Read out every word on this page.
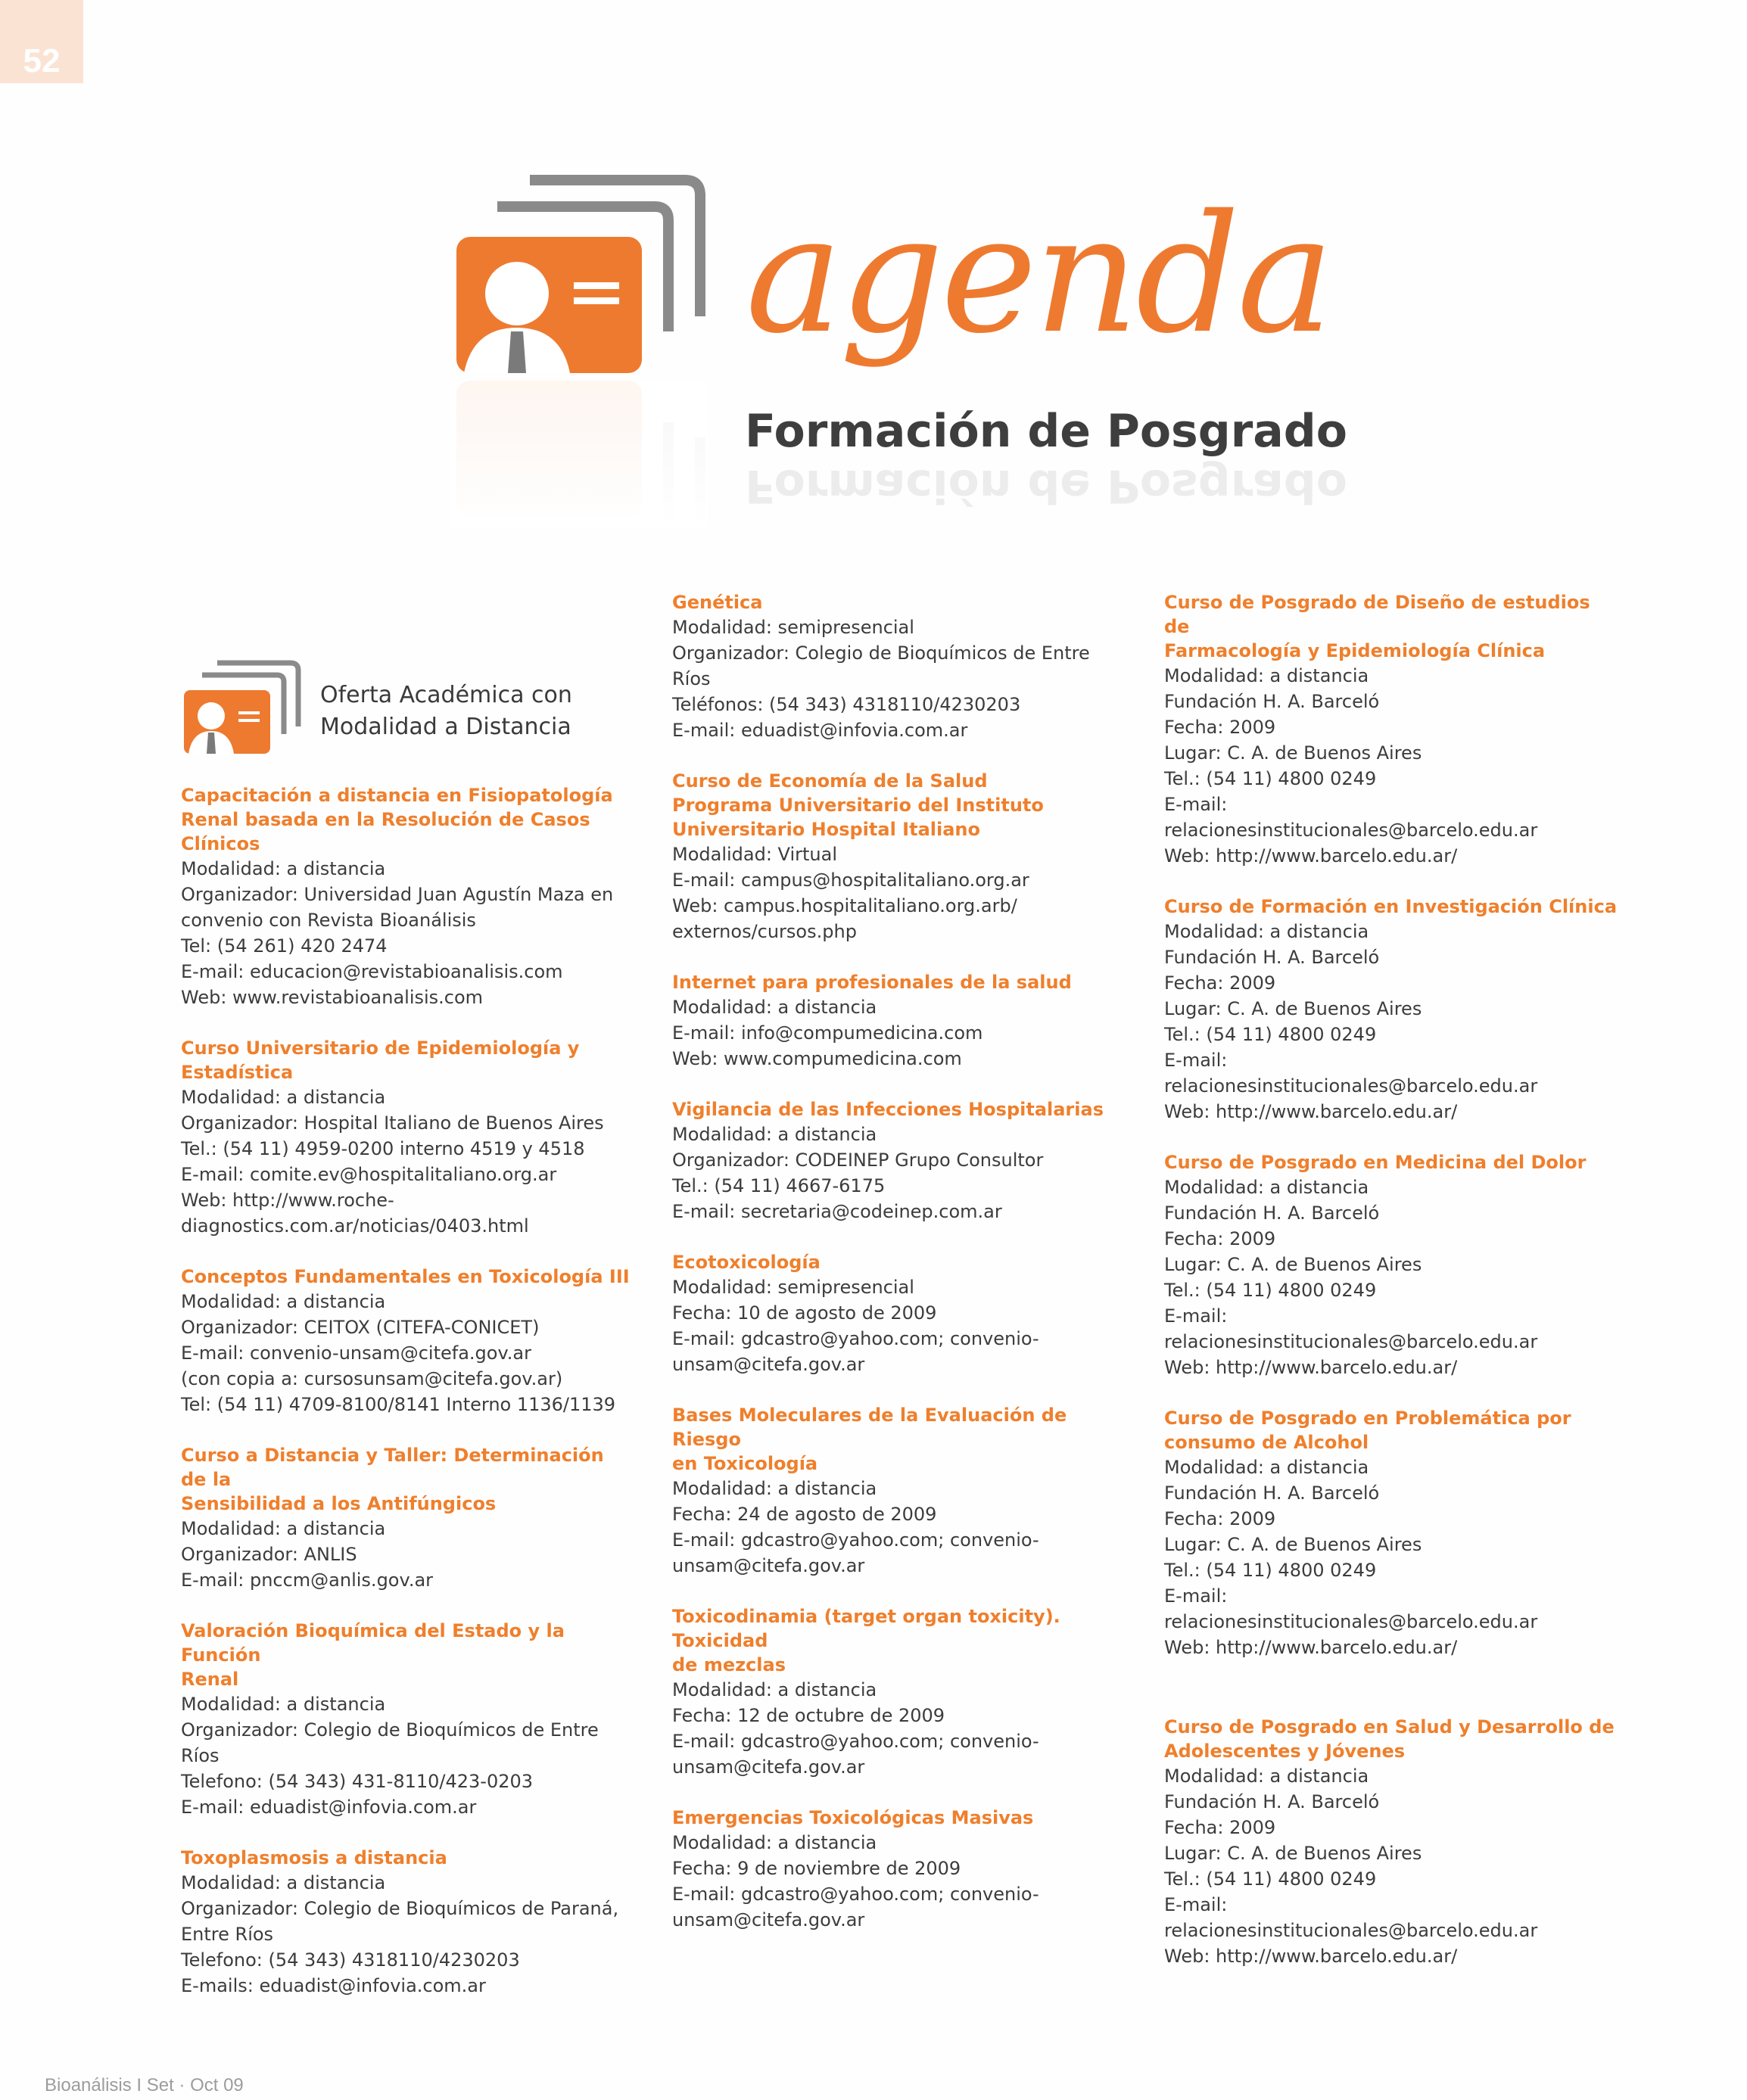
52
agenda
Formación de Posgrado
Formación de Posgrado
Oferta Académica con
Modalidad a Distancia
Capacitación a distancia en Fisiopatología
Renal basada en la Resolución de Casos
Clínicos
Modalidad: a distancia
Organizador: Universidad Juan Agustín Maza en
convenio con Revista Bioanálisis
Tel: (54 261) 420 2474
E-mail: educacion@revistabioanalisis.com
Web: www.revistabioanalisis.com
Curso Universitario de Epidemiología y
Estadística
Modalidad: a distancia
Organizador: Hospital Italiano de Buenos Aires
Tel.: (54 11) 4959-0200 interno 4519 y 4518
E-mail: comite.ev@hospitalitaliano.org.ar
Web: http://www.roche-
diagnostics.com.ar/noticias/0403.html
Conceptos Fundamentales en Toxicología III
Modalidad: a distancia
Organizador: CEITOX (CITEFA-CONICET)
E-mail: convenio-unsam@citefa.gov.ar
(con copia a: cursosunsam@citefa.gov.ar)
Tel: (54 11) 4709-8100/8141 Interno 1136/1139
Curso a Distancia y Taller: Determinación de la
Sensibilidad a los Antifúngicos
Modalidad: a distancia
Organizador: ANLIS
E-mail: pnccm@anlis.gov.ar
Valoración Bioquímica del Estado y la Función
Renal
Modalidad: a distancia
Organizador: Colegio de Bioquímicos de Entre
Ríos
Telefono: (54 343) 431-8110/423-0203
E-mail: eduadist@infovia.com.ar
Toxoplasmosis a distancia
Modalidad: a distancia
Organizador: Colegio de Bioquímicos de Paraná,
Entre Ríos
Telefono: (54 343) 4318110/4230203
E-mails: eduadist@infovia.com.ar
Genética
Modalidad: semipresencial
Organizador: Colegio de Bioquímicos de Entre
Ríos
Teléfonos: (54 343) 4318110/4230203
E-mail: eduadist@infovia.com.ar
Curso de Economía de la Salud
Programa Universitario del Instituto
Universitario Hospital Italiano
Modalidad: Virtual
E-mail: campus@hospitalitaliano.org.ar
Web: campus.hospitalitaliano.org.arb/
externos/cursos.php
Internet para profesionales de la salud
Modalidad: a distancia
E-mail: info@compumedicina.com
Web: www.compumedicina.com
Vigilancia de las Infecciones Hospitalarias
Modalidad: a distancia
Organizador: CODEINEP Grupo Consultor
Tel.: (54 11) 4667-6175
E-mail: secretaria@codeinep.com.ar
Ecotoxicología
Modalidad: semipresencial
Fecha: 10 de agosto de 2009
E-mail: gdcastro@yahoo.com; convenio-
unsam@citefa.gov.ar
Bases Moleculares de la Evaluación de Riesgo
en Toxicología
Modalidad: a distancia
Fecha: 24 de agosto de 2009
E-mail: gdcastro@yahoo.com; convenio-
unsam@citefa.gov.ar
Toxicodinamia (target organ toxicity). Toxicidad
de mezclas
Modalidad: a distancia
Fecha: 12 de octubre de 2009
E-mail: gdcastro@yahoo.com; convenio-
unsam@citefa.gov.ar
Emergencias Toxicológicas Masivas
Modalidad: a distancia
Fecha: 9 de noviembre de 2009
E-mail: gdcastro@yahoo.com; convenio-
unsam@citefa.gov.ar
Curso de Posgrado de Diseño de estudios de
Farmacología y Epidemiología Clínica
Modalidad: a distancia
Fundación H. A. Barceló
Fecha: 2009
Lugar: C. A. de Buenos Aires
Tel.: (54 11) 4800 0249
E-mail:
relacionesinstitucionales@barcelo.edu.ar
Web: http://www.barcelo.edu.ar/
Curso de Formación en Investigación Clínica
Modalidad: a distancia
Fundación H. A. Barceló
Fecha: 2009
Lugar: C. A. de Buenos Aires
Tel.: (54 11) 4800 0249
E-mail:
relacionesinstitucionales@barcelo.edu.ar
Web: http://www.barcelo.edu.ar/
Curso de Posgrado en Medicina del Dolor
Modalidad: a distancia
Fundación H. A. Barceló
Fecha: 2009
Lugar: C. A. de Buenos Aires
Tel.: (54 11) 4800 0249
E-mail:
relacionesinstitucionales@barcelo.edu.ar
Web: http://www.barcelo.edu.ar/
Curso de Posgrado en Problemática por
consumo de Alcohol
Modalidad: a distancia
Fundación H. A. Barceló
Fecha: 2009
Lugar: C. A. de Buenos Aires
Tel.: (54 11) 4800 0249
E-mail:
relacionesinstitucionales@barcelo.edu.ar
Web: http://www.barcelo.edu.ar/
Curso de Posgrado en Salud y Desarrollo de
Adolescentes y Jóvenes
Modalidad: a distancia
Fundación H. A. Barceló
Fecha: 2009
Lugar: C. A. de Buenos Aires
Tel.: (54 11) 4800 0249
E-mail:
relacionesinstitucionales@barcelo.edu.ar
Web: http://www.barcelo.edu.ar/
Bioanálisis I Set · Oct 09
